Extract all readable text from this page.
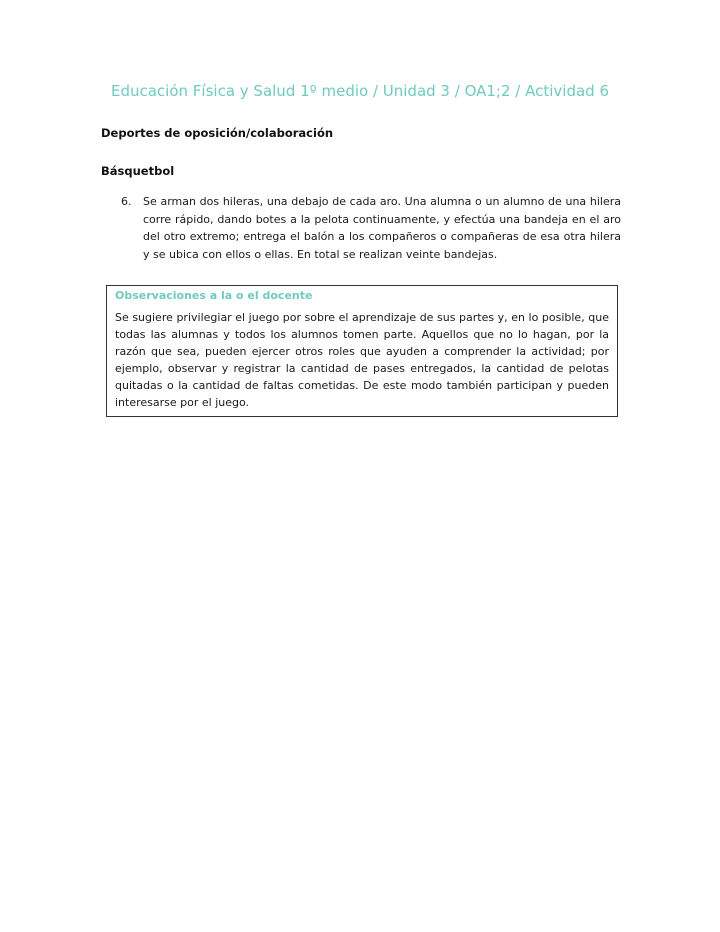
Educación Física y Salud 1º medio / Unidad 3 / OA1;2 / Actividad 6
Deportes de oposición/colaboración
Básquetbol
6. Se arman dos hileras, una debajo de cada aro. Una alumna o un alumno de una hilera corre rápido, dando botes a la pelota continuamente, y efectúa una bandeja en el aro del otro extremo; entrega el balón a los compañeros o compañeras de esa otra hilera y se ubica con ellos o ellas. En total se realizan veinte bandejas.
Observaciones a la o el docente
Se sugiere privilegiar el juego por sobre el aprendizaje de sus partes y, en lo posible, que todas las alumnas y todos los alumnos tomen parte. Aquellos que no lo hagan, por la razón que sea, pueden ejercer otros roles que ayuden a comprender la actividad; por ejemplo, observar y registrar la cantidad de pases entregados, la cantidad de pelotas quitadas o la cantidad de faltas cometidas. De este modo también participan y pueden interesarse por el juego.
